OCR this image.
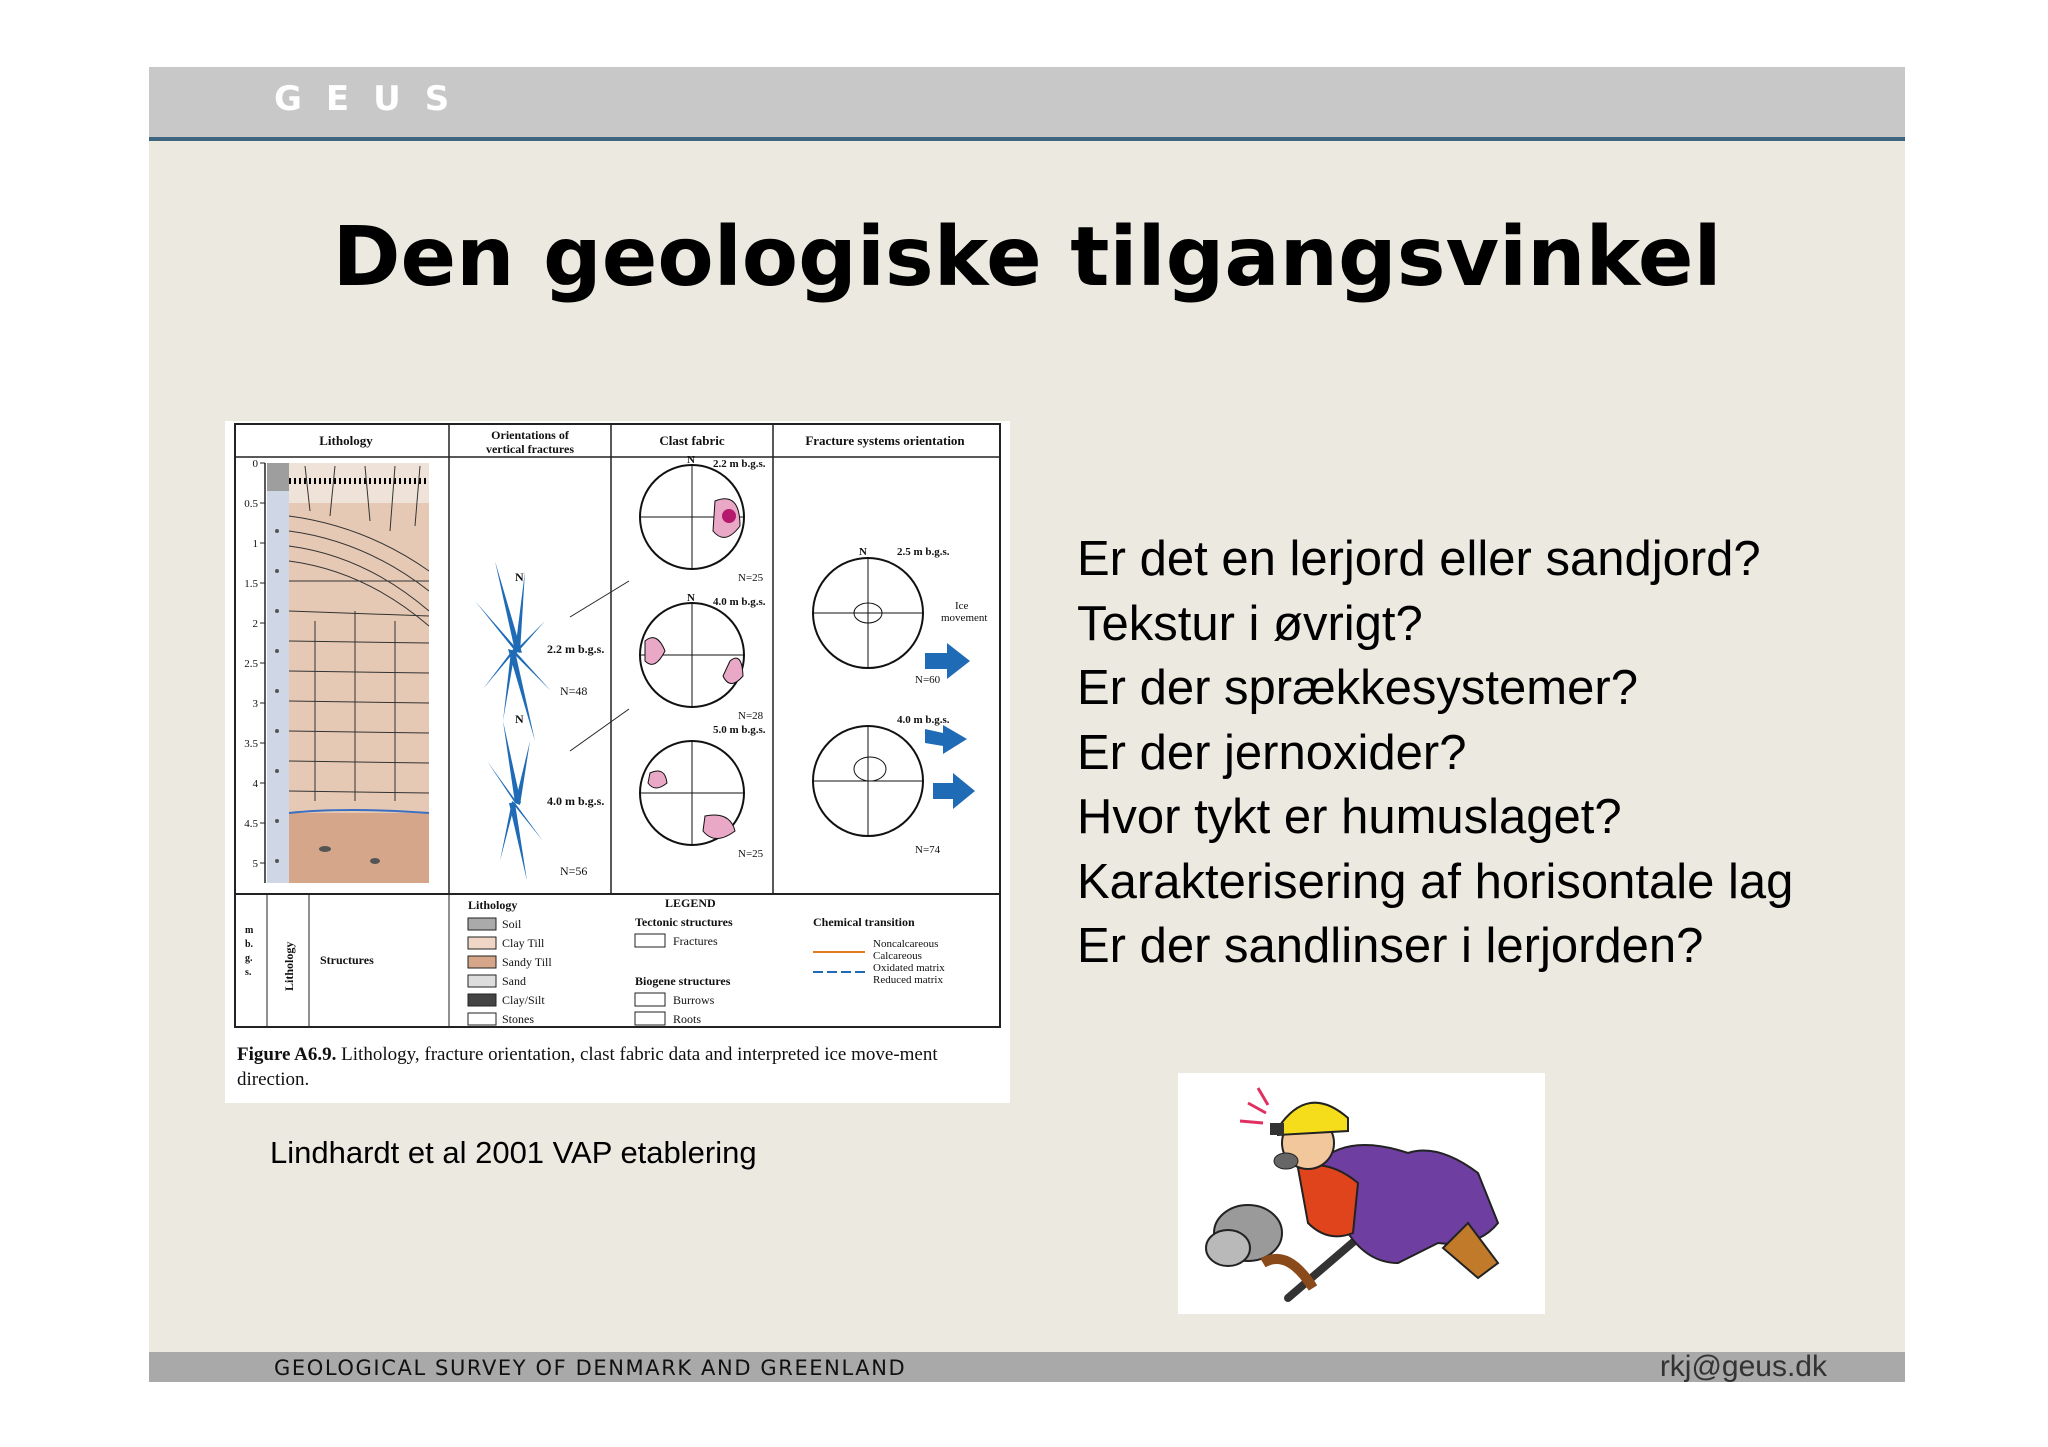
GEUS
Den geologiske tilgangsvinkel
Lithology	Orientations of
vertical fractures
Clast fabric	Fracture systems orientation
0
0.5
1
1.5
2
2.5
3
3.5
4
4.5
5
N
2.2 m b.g.s.
N=48
N
4.0 m b.g.s.
N=56
N 2.2 m b.g.s.
N=25
N 4.0 m b.g.s.
N=28
5.0 m b.g.s.
N=25
N	2.5 m b.g.s.
Ice
movement
N=60
4.0 m b.g.s.
N=74
m
b.
g.
s.	Lithology Structures
LEGEND
Lithology
Soil
Clay Till
Sandy Till
Sand
Clay/Silt
Stones
Tectonic structures
Fractures
Biogene structures
Burrows
Roots
Chemical transition
Noncalcareous
Calcareous
Oxidated matrix
Reduced matrix
Figure A6.9. Lithology, fracture orientation, clast fabric data and interpreted ice move-ment direction.
Lindhardt et al 2001 VAP etablering
Er det en lerjord eller sandjord?
Tekstur i øvrigt?
Er der sprækkesystemer?
Er der jernoxider?
Hvor tykt er humuslaget?
Karakterisering af horisontale lag
Er der sandlinser i lerjorden?
GEOLOGICAL SURVEY OF DENMARK AND GREENLAND	rkj@geus.dk
